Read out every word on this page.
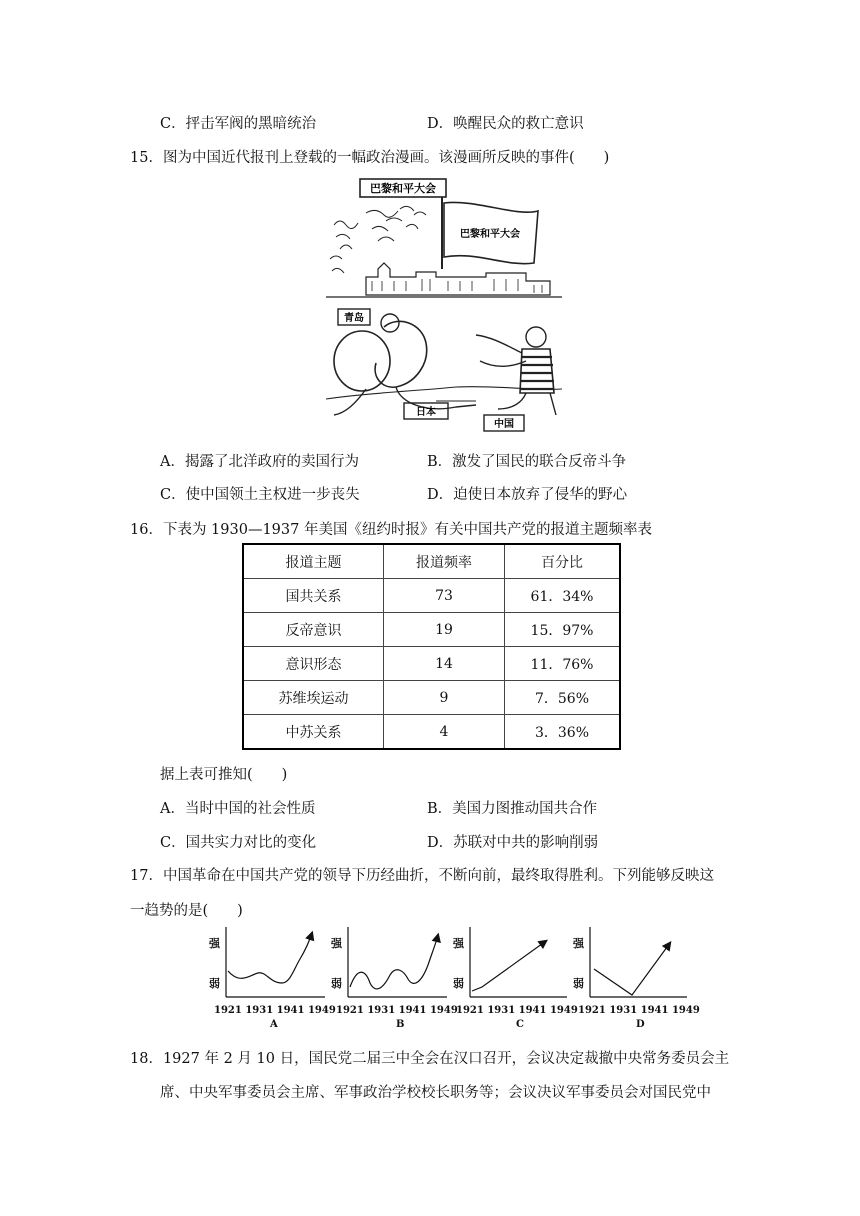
C．抨击军阀的黑暗统治	D．唤醒民众的救亡意识
15．图为中国近代报刊上登载的一幅政治漫画。该漫画所反映的事件(　　)
巴黎和平大会
巴黎和平大会
青岛
日本
中国
A．揭露了北洋政府的卖国行为	B．激发了国民的联合反帝斗争
C．使中国领土主权进一步丧失	D．迫使日本放弃了侵华的野心
16．下表为 1930—1937 年美国《纽约时报》有关中国共产党的报道主题频率表
报道主题	报道频率	百分比
国共关系	73	61．34%
反帝意识	19	15．97%
意识形态	14	11．76%
苏维埃运动	9	7．56%
中苏关系	4	3．36%
据上表可推知(　　)
A．当时中国的社会性质	B．美国力图推动国共合作
C．国共实力对比的变化	D．苏联对中共的影响削弱
17．中国革命在中国共产党的领导下历经曲折，不断向前，最终取得胜利。下列能够反映这
一趋势的是(　　)
强
弱
1921 1931 1941 1949
A
强
弱
1921 1931 1941 1949
B
强
弱
1921 1931 1941 1949
C
强
弱
1921 1931 1941 1949
D
18．1927 年 2 月 10 日，国民党二届三中全会在汉口召开，会议决定裁撤中央常务委员会主
席、中央军事委员会主席、军事政治学校校长职务等；会议决议军事委员会对国民党中
